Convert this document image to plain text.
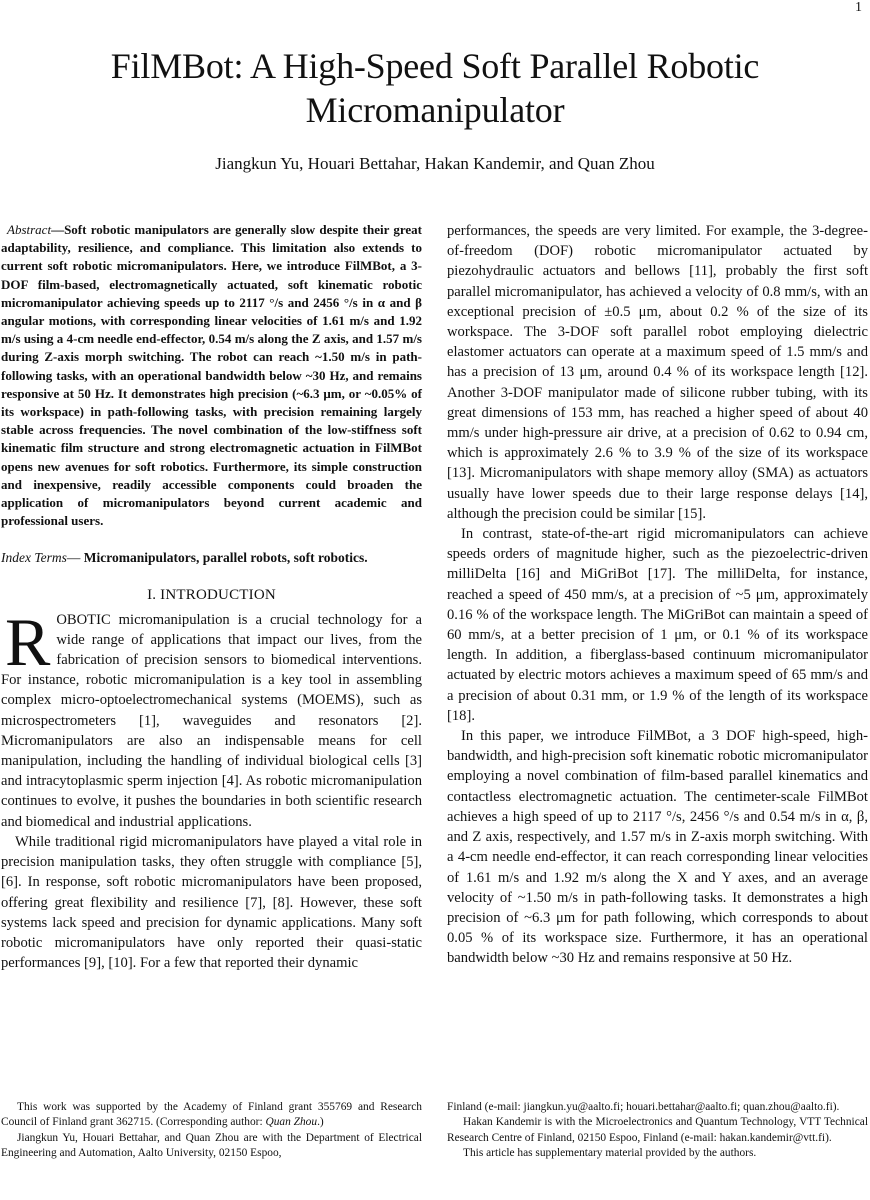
1
FilMBot: A High-Speed Soft Parallel Robotic Micromanipulator
Jiangkun Yu, Houari Bettahar, Hakan Kandemir, and Quan Zhou

Abstract—Soft robotic manipulators are generally slow despite their great adaptability, resilience, and compliance. This limitation also extends to current soft robotic micromanipulators. Here, we introduce FilMBot, a 3-DOF film-based, electromagnetically actuated, soft kinematic robotic micromanipulator achieving speeds up to 2117 °/s and 2456 °/s in α and β angular motions, with corresponding linear velocities of 1.61 m/s and 1.92 m/s using a 4-cm needle end-effector, 0.54 m/s along the Z axis, and 1.57 m/s during Z-axis morph switching. The robot can reach ~1.50 m/s in path-following tasks, with an operational bandwidth below ~30 Hz, and remains responsive at 50 Hz. It demonstrates high precision (~6.3 μm, or ~0.05% of its workspace) in path-following tasks, with precision remaining largely stable across frequencies. The novel combination of the low-stiffness soft kinematic film structure and strong electromagnetic actuation in FilMBot opens new avenues for soft robotics. Furthermore, its simple construction and inexpensive, readily accessible components could broaden the application of micromanipulators beyond current academic and professional users.

Index Terms— Micromanipulators, parallel robots, soft robotics.

I. INTRODUCTION

ROBOTIC micromanipulation is a crucial technology for a wide range of applications that impact our lives, from the fabrication of precision sensors to biomedical interventions. For instance, robotic micromanipulation is a key tool in assembling complex micro-optoelectromechanical systems (MOEMS), such as microspectrometers [1], waveguides and resonators [2]. Micromanipulators are also an indispensable means for cell manipulation, including the handling of individual biological cells [3] and intracytoplasmic sperm injection [4]. As robotic micromanipulation continues to evolve, it pushes the boundaries in both scientific research and biomedical and industrial applications.

While traditional rigid micromanipulators have played a vital role in precision manipulation tasks, they often struggle with compliance [5], [6]. In response, soft robotic micromanipulators have been proposed, offering great flexibility and resilience [7], [8]. However, these soft systems lack speed and precision for dynamic applications. Many soft robotic micromanipulators have only reported their quasi-static performances [9], [10]. For a few that reported their dynamic

performances, the speeds are very limited. For example, the 3-degree-of-freedom (DOF) robotic micromanipulator actuated by piezohydraulic actuators and bellows [11], probably the first soft parallel micromanipulator, has achieved a velocity of 0.8 mm/s, with an exceptional precision of ±0.5 μm, about 0.2 % of the size of its workspace. The 3-DOF soft parallel robot employing dielectric elastomer actuators can operate at a maximum speed of 1.5 mm/s and has a precision of 13 μm, around 0.4 % of its workspace length [12]. Another 3-DOF manipulator made of silicone rubber tubing, with its great dimensions of 153 mm, has reached a higher speed of about 40 mm/s under high-pressure air drive, at a precision of 0.62 to 0.94 cm, which is approximately 2.6 % to 3.9 % of the size of its workspace [13]. Micromanipulators with shape memory alloy (SMA) as actuators usually have lower speeds due to their large response delays [14], although the precision could be similar [15].

In contrast, state-of-the-art rigid micromanipulators can achieve speeds orders of magnitude higher, such as the piezoelectric-driven milliDelta [16] and MiGriBot [17]. The milliDelta, for instance, reached a speed of 450 mm/s, at a precision of ~5 μm, approximately 0.16 % of the workspace length. The MiGriBot can maintain a speed of 60 mm/s, at a better precision of 1 μm, or 0.1 % of its workspace length. In addition, a fiberglass-based continuum micromanipulator actuated by electric motors achieves a maximum speed of 65 mm/s and a precision of about 0.31 mm, or 1.9 % of the length of its workspace [18].

In this paper, we introduce FilMBot, a 3 DOF high-speed, high-bandwidth, and high-precision soft kinematic robotic micromanipulator employing a novel combination of film-based parallel kinematics and contactless electromagnetic actuation. The centimeter-scale FilMBot achieves a high speed of up to 2117 °/s, 2456 °/s and 0.54 m/s in α, β, and Z axis, respectively, and 1.57 m/s in Z-axis morph switching. With a 4-cm needle end-effector, it can reach corresponding linear velocities of 1.61 m/s and 1.92 m/s along the X and Y axes, and an average velocity of ~1.50 m/s in path-following tasks. It demonstrates a high precision of ~6.3 μm for path following, which corresponds to about 0.05 % of its workspace size. Furthermore, it has an operational bandwidth below ~30 Hz and remains responsive at 50 Hz.

This work was supported by the Academy of Finland grant 355769 and Research Council of Finland grant 362715. (Corresponding author: Quan Zhou.)

Jiangkun Yu, Houari Bettahar, and Quan Zhou are with the Department of Electrical Engineering and Automation, Aalto University, 02150 Espoo,

Finland (e-mail: jiangkun.yu@aalto.fi; houari.bettahar@aalto.fi; quan.zhou@aalto.fi).

Hakan Kandemir is with the Microelectronics and Quantum Technology, VTT Technical Research Centre of Finland, 02150 Espoo, Finland (e-mail: hakan.kandemir@vtt.fi).

This article has supplementary material provided by the authors.
